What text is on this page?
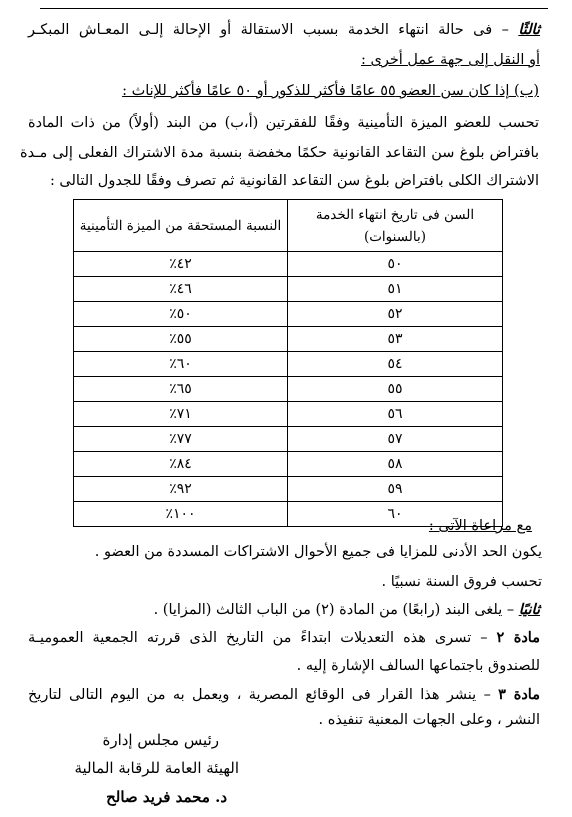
ثالثًا – فى حالة انتهاء الخدمة بسبب الاستقالة أو الإحالة إلـى المعـاش المبكـر
أو النقل إلى جهة عمل أخرى :
(ب) إذا كان سن العضو ٥٥ عامًا فأكثر للذكور أو ٥٠ عامًا فأكثر للإناث :
تحسب للعضو الميزة التأمينية وفقًا للفقرتين (أ،ب) من البند (أولاً) من ذات المادة
بافتراض بلوغ سن التقاعد القانونية حكمًا مخفضة بنسبة مدة الاشتراك الفعلى إلى مـدة
الاشتراك الكلى بافتراض بلوغ سن التقاعد القانونية ثم تصرف وفقًا للجدول التالى :
السن فى تاريخ انتهاء الخدمة (بالسنوات)	النسبة المستحقة من الميزة التأمينية
٥٠	٤٢٪
٥١	٤٦٪
٥٢	٥٠٪
٥٣	٥٥٪
٥٤	٦٠٪
٥٥	٦٥٪
٥٦	٧١٪
٥٧	٧٧٪
٥٨	٨٤٪
٥٩	٩٢٪
٦٠	١٠٠٪
مع مراعاة الآتى :
يكون الحد الأدنى للمزايا فى جميع الأحوال الاشتراكات المسددة من العضو .
تحسب فروق السنة نسبيًا .
ثانيًا – يلغى البند (رابعًا) من المادة (٢) من الباب الثالث (المزايا) .
مادة ٢ – تسرى هذه التعديلات ابتداءً من التاريخ الذى قررته الجمعية العموميـة
للصندوق باجتماعها السالف الإشارة إليه .
مادة ٣ – ينشر هذا القرار فى الوقائع المصرية ، ويعمل به من اليوم التالى لتاريخ
النشر ، وعلى الجهات المعنية تنفيذه .
رئيس مجلس إدارة
الهيئة العامة للرقابة المالية
د. محمد فريد صالح
